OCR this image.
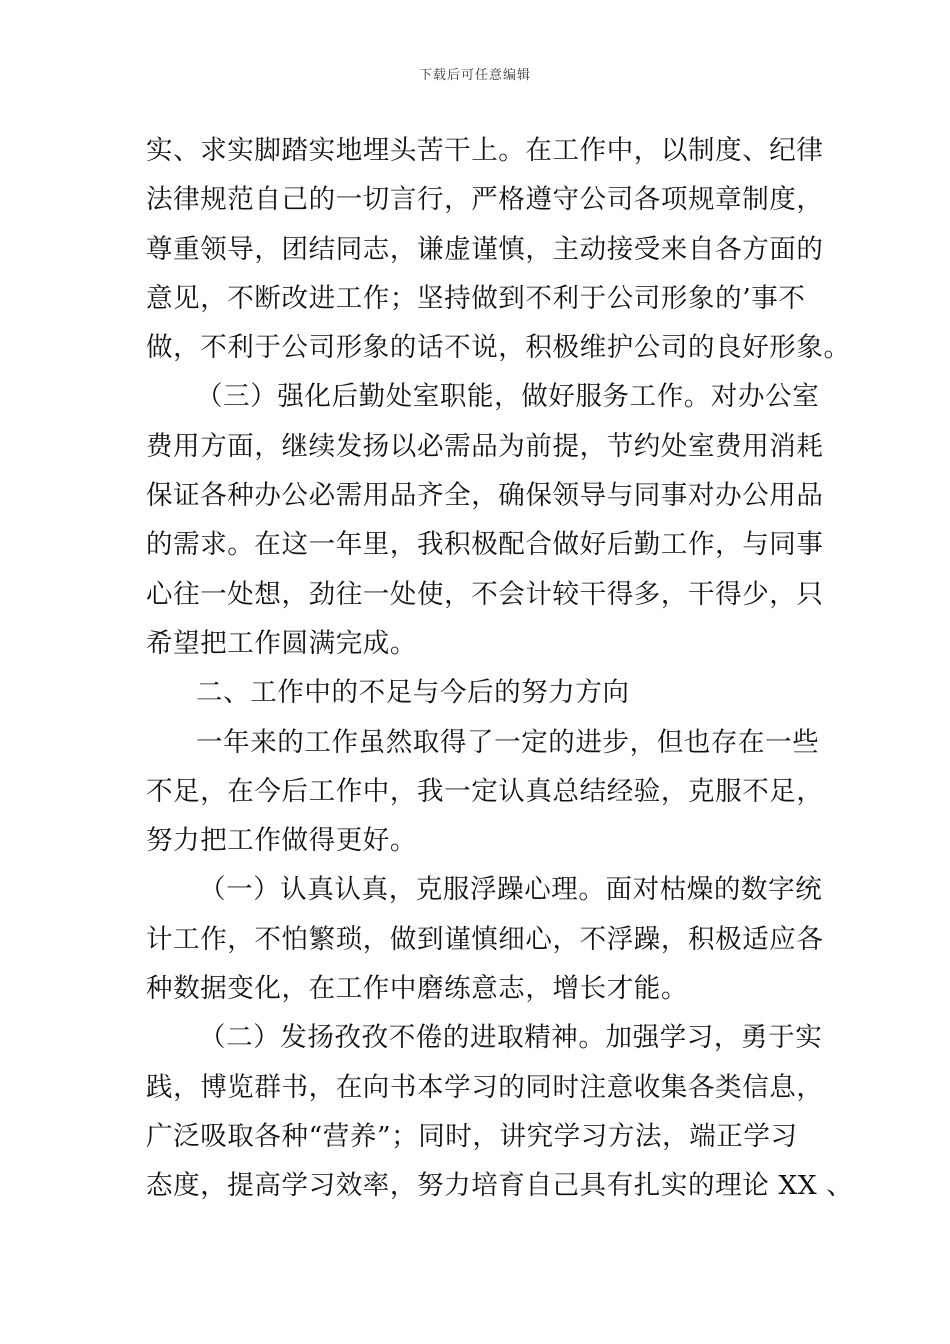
下载后可任意编辑
实、求实脚踏实地埋头苦干上。在工作中，以制度、纪律
法律规范自己的一切言行，严格遵守公司各项规章制度，
尊重领导，团结同志，谦虚谨慎，主动接受来自各方面的
意见，不断改进工作；坚持做到不利于公司形象的’事不
做，不利于公司形象的话不说，积极维护公司的良好形象。
（三）强化后勤处室职能，做好服务工作。对办公室
费用方面，继续发扬以必需品为前提，节约处室费用消耗
保证各种办公必需用品齐全，确保领导与同事对办公用品
的需求。在这一年里，我积极配合做好后勤工作，与同事
心往一处想，劲往一处使，不会计较干得多，干得少，只
希望把工作圆满完成。
二、工作中的不足与今后的努力方向
一年来的工作虽然取得了一定的进步，但也存在一些
不足，在今后工作中，我一定认真总结经验，克服不足，
努力把工作做得更好。
（一）认真认真，克服浮躁心理。面对枯燥的数字统
计工作，不怕繁琐，做到谨慎细心，不浮躁，积极适应各
种数据变化，在工作中磨练意志，增长才能。
（二）发扬孜孜不倦的进取精神。加强学习，勇于实
践，博览群书，在向书本学习的同时注意收集各类信息，
广泛吸取各种“营养”；同时，讲究学习方法，端正学习
态度，提高学习效率，努力培育自己具有扎实的理论 XX 、
